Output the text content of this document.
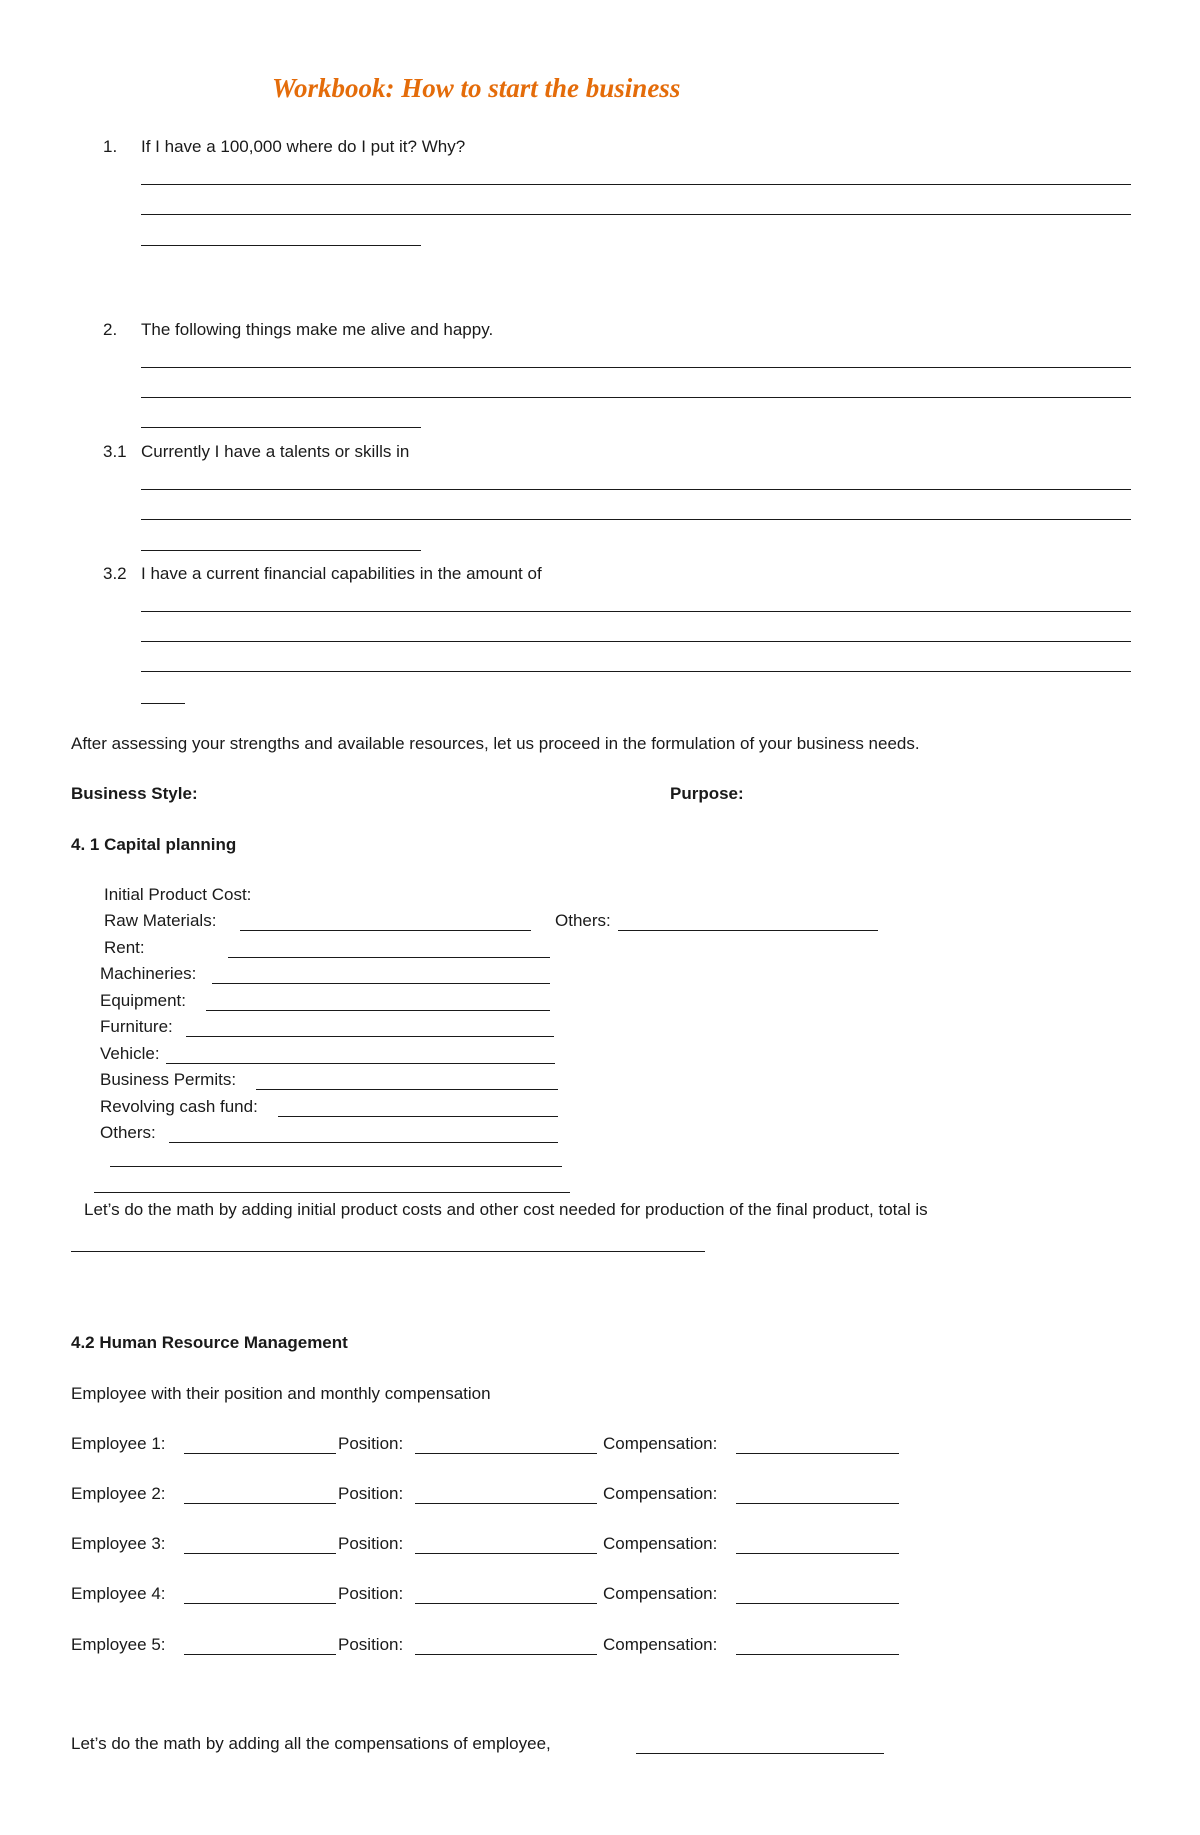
Workbook: How to start the business
1. If I have a 100,000 where do I put it? Why?
2. The following things make me alive and happy.
3.1 Currently I have a talents or skills in
3.2 I have a current financial capabilities in the amount of
After assessing your strengths and available resources, let us proceed in the formulation of your business needs.
Business Style:	Purpose:
4. 1 Capital planning
Initial Product Cost:
Raw Materials:	Others:
Rent:
Machineries:
Equipment:
Furniture:
Vehicle:
Business Permits:
Revolving cash fund:
Others:
Let’s do the math by adding initial product costs and other cost needed for production of the final product, total is
4.2 Human Resource Management
Employee with their position and monthly compensation
Employee 1:	Position:	Compensation:
Employee 2:	Position:	Compensation:
Employee 3:	Position:	Compensation:
Employee 4:	Position:	Compensation:
Employee 5:	Position:	Compensation:
Let’s do the math by adding all the compensations of employee,
